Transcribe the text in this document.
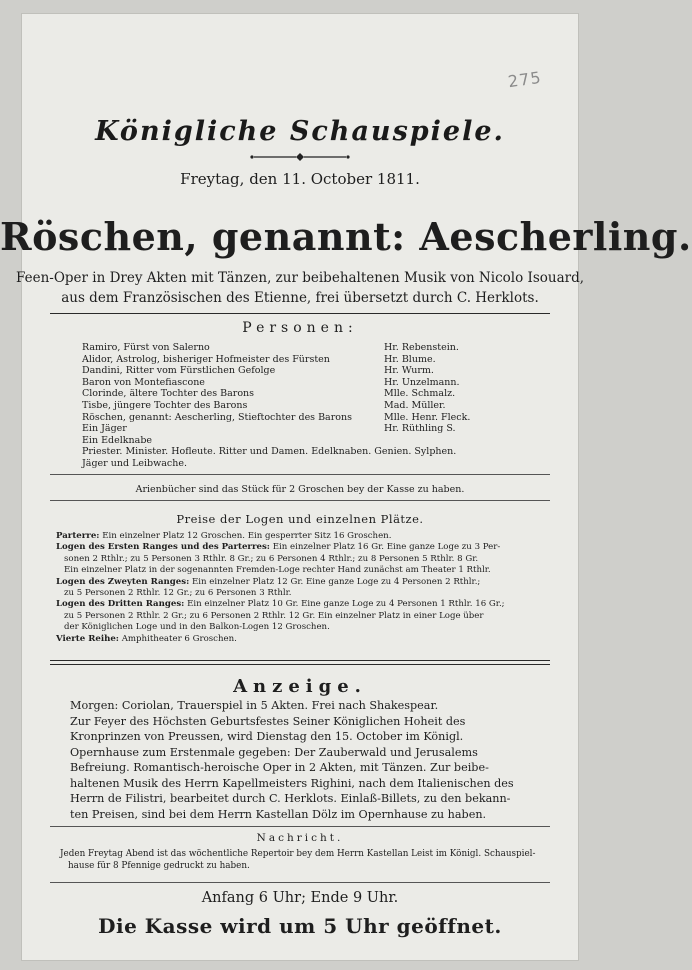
275
Königliche Schauspiele.
Freytag, den 11. October 1811.
Röschen, genannt: Aescherling.
Feen-Oper in Drey Akten mit Tänzen, zur beibehaltenen Musik von Nicolo Isouard,
aus dem Französischen des Etienne, frei übersetzt durch C. Herklots.
Personen:
Ramiro, Fürst von Salerno	Hr. Rebenstein.
Alidor, Astrolog, bisheriger Hofmeister des Fürsten	Hr. Blume.
Dandini, Ritter vom Fürstlichen Gefolge	Hr. Wurm.
Baron von Montefiascone	Hr. Unzelmann.
Clorinde, ältere Tochter des Barons	Mlle. Schmalz.
Tisbe, jüngere Tochter des Barons	Mad. Müller.
Röschen, genannt: Aescherling, Stieftochter des Barons	Mlle. Henr. Fleck.
Ein Jäger	Hr. Rüthling S.
Ein Edelknabe
Priester. Minister. Hofleute. Ritter und Damen. Edelknaben. Genien. Sylphen.
Jäger und Leibwache.
Arienbücher sind das Stück für 2 Groschen bey der Kasse zu haben.
Preise der Logen und einzelnen Plätze.
Parterre: Ein einzelner Platz 12 Groschen. Ein gesperrter Sitz 16 Groschen.
Logen des Ersten Ranges und des Parterres: Ein einzelner Platz 16 Gr. Eine ganze Loge zu 3 Per-
sonen 2 Rthlr.; zu 5 Personen 3 Rthlr. 8 Gr.; zu 6 Personen 4 Rthlr.; zu 8 Personen 5 Rthlr. 8 Gr.
Ein einzelner Platz in der sogenannten Fremden-Loge rechter Hand zunächst am Theater 1 Rthlr.
Logen des Zweyten Ranges: Ein einzelner Platz 12 Gr. Eine ganze Loge zu 4 Personen 2 Rthlr.;
zu 5 Personen 2 Rthlr. 12 Gr.; zu 6 Personen 3 Rthlr.
Logen des Dritten Ranges: Ein einzelner Platz 10 Gr. Eine ganze Loge zu 4 Personen 1 Rthlr. 16 Gr.;
zu 5 Personen 2 Rthlr. 2 Gr.; zu 6 Personen 2 Rthlr. 12 Gr. Ein einzelner Platz in einer Loge über
der Königlichen Loge und in den Balkon-Logen 12 Groschen.
Vierte Reihe: Amphitheater 6 Groschen.
Anzeige.
Morgen: Coriolan, Trauerspiel in 5 Akten. Frei nach Shakespear.
Zur Feyer des Höchsten Geburtsfestes Seiner Königlichen Hoheit des
Kronprinzen von Preussen, wird Dienstag den 15. October im Königl.
Opernhause zum Erstenmale gegeben: Der Zauberwald und Jerusalems
Befreiung. Romantisch-heroische Oper in 2 Akten, mit Tänzen. Zur beibe-
haltenen Musik des Herrn Kapellmeisters Righini, nach dem Italienischen des
Herrn de Filistri, bearbeitet durch C. Herklots. Einlaß-Billets, zu den bekann-
ten Preisen, sind bei dem Herrn Kastellan Dölz im Opernhause zu haben.
Nachricht.
Jeden Freytag Abend ist das wöchentliche Repertoir bey dem Herrn Kastellan Leist im Königl. Schauspiel-
hause für 8 Pfennige gedruckt zu haben.
Anfang 6 Uhr; Ende 9 Uhr.
Die Kasse wird um 5 Uhr geöffnet.
